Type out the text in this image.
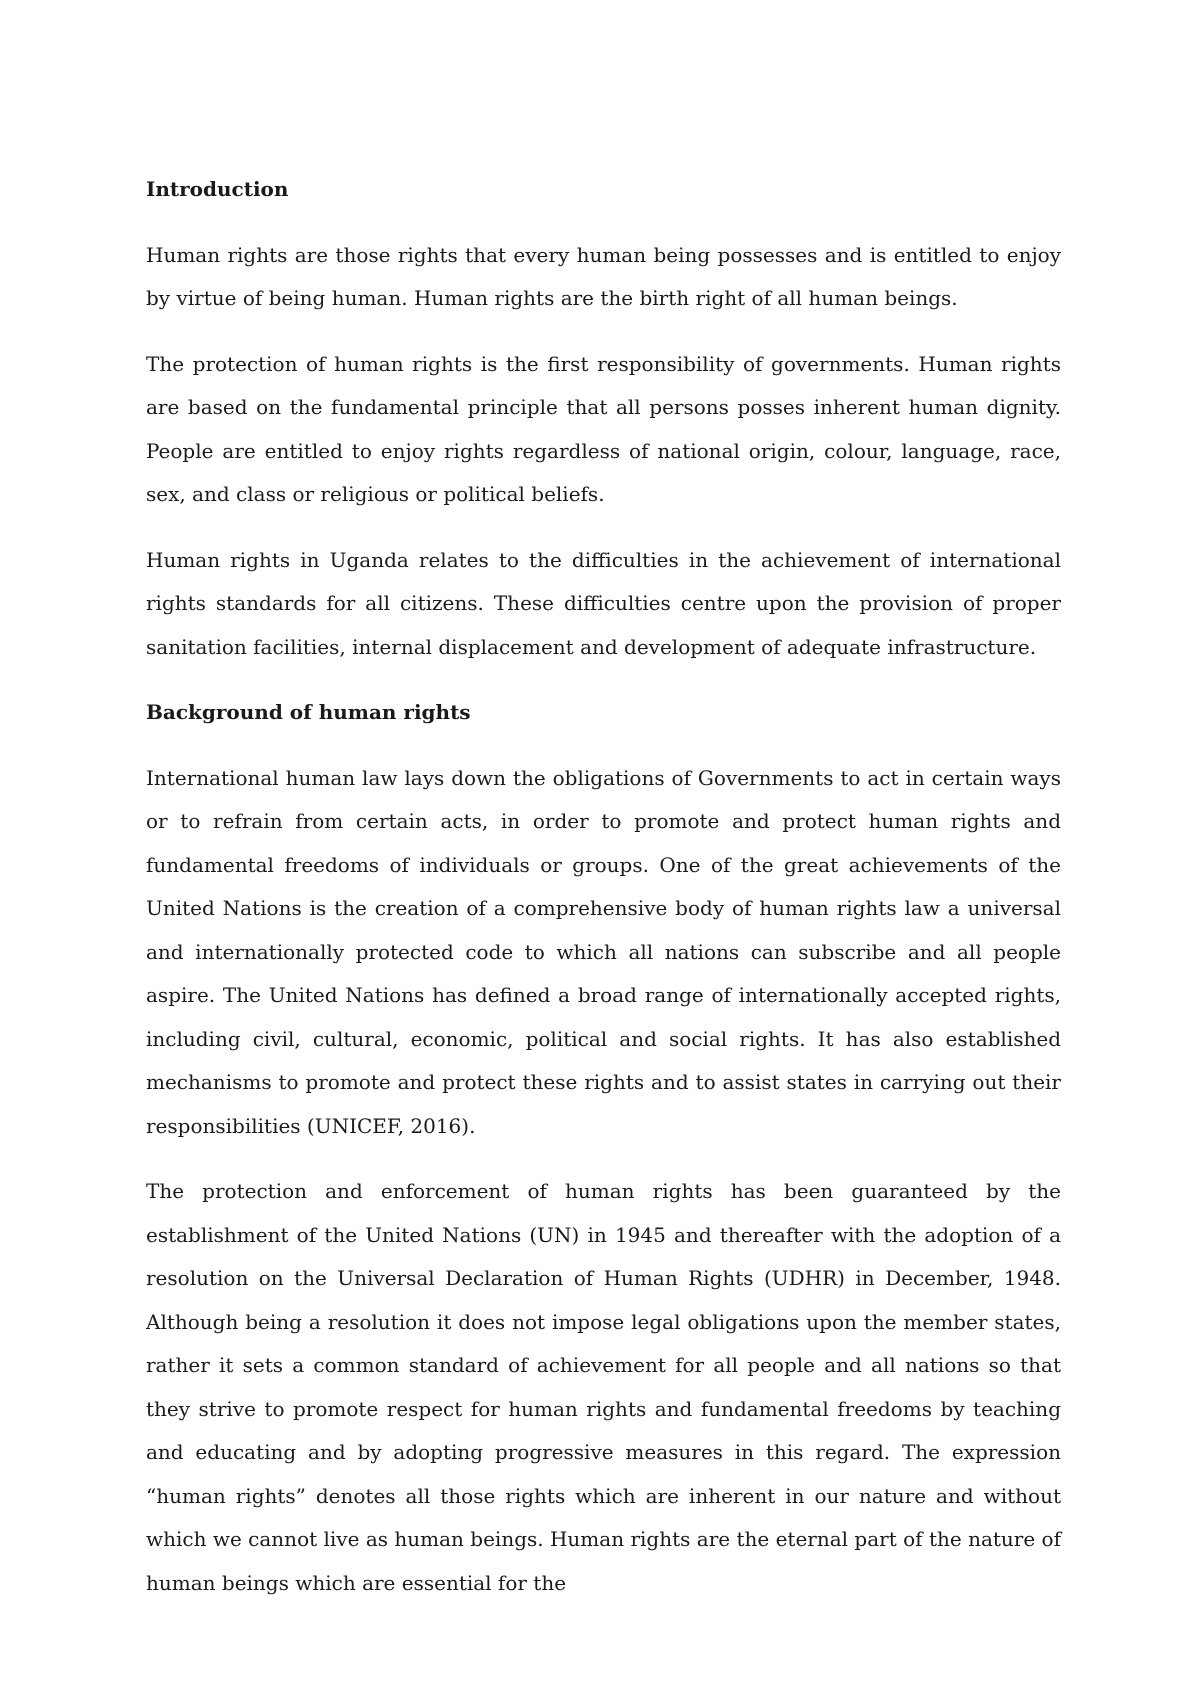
Introduction

Human rights are those rights that every human being possesses and is entitled to enjoy by virtue of being human. Human rights are the birth right of all human beings.

The protection of human rights is the first responsibility of governments. Human rights are based on the fundamental principle that all persons posses inherent human dignity. People are entitled to enjoy rights regardless of national origin, colour, language, race, sex, and class or religious or political beliefs.

Human rights in Uganda relates to the difficulties in the achievement of international rights standards for all citizens. These difficulties centre upon the provision of proper sanitation facilities, internal displacement and development of adequate infrastructure.

Background of human rights

International human law lays down the obligations of Governments to act in certain ways or to refrain from certain acts, in order to promote and protect human rights and fundamental freedoms of individuals or groups. One of the great achievements of the United Nations is the creation of a comprehensive body of human rights law a universal and internationally protected code to which all nations can subscribe and all people aspire. The United Nations has defined a broad range of internationally accepted rights, including civil, cultural, economic, political and social rights. It has also established mechanisms to promote and protect these rights and to assist states in carrying out their responsibilities (UNICEF, 2016).

The protection and enforcement of human rights has been guaranteed by the establishment of the United Nations (UN) in 1945 and thereafter with the adoption of a resolution on the Universal Declaration of Human Rights (UDHR) in December, 1948. Although being a resolution it does not impose legal obligations upon the member states, rather it sets a common standard of achievement for all people and all nations so that they strive to promote respect for human rights and fundamental freedoms by teaching and educating and by adopting progressive measures in this regard. The expression “human rights” denotes all those rights which are inherent in our nature and without which we cannot live as human beings. Human rights are the eternal part of the nature of human beings which are essential for the
